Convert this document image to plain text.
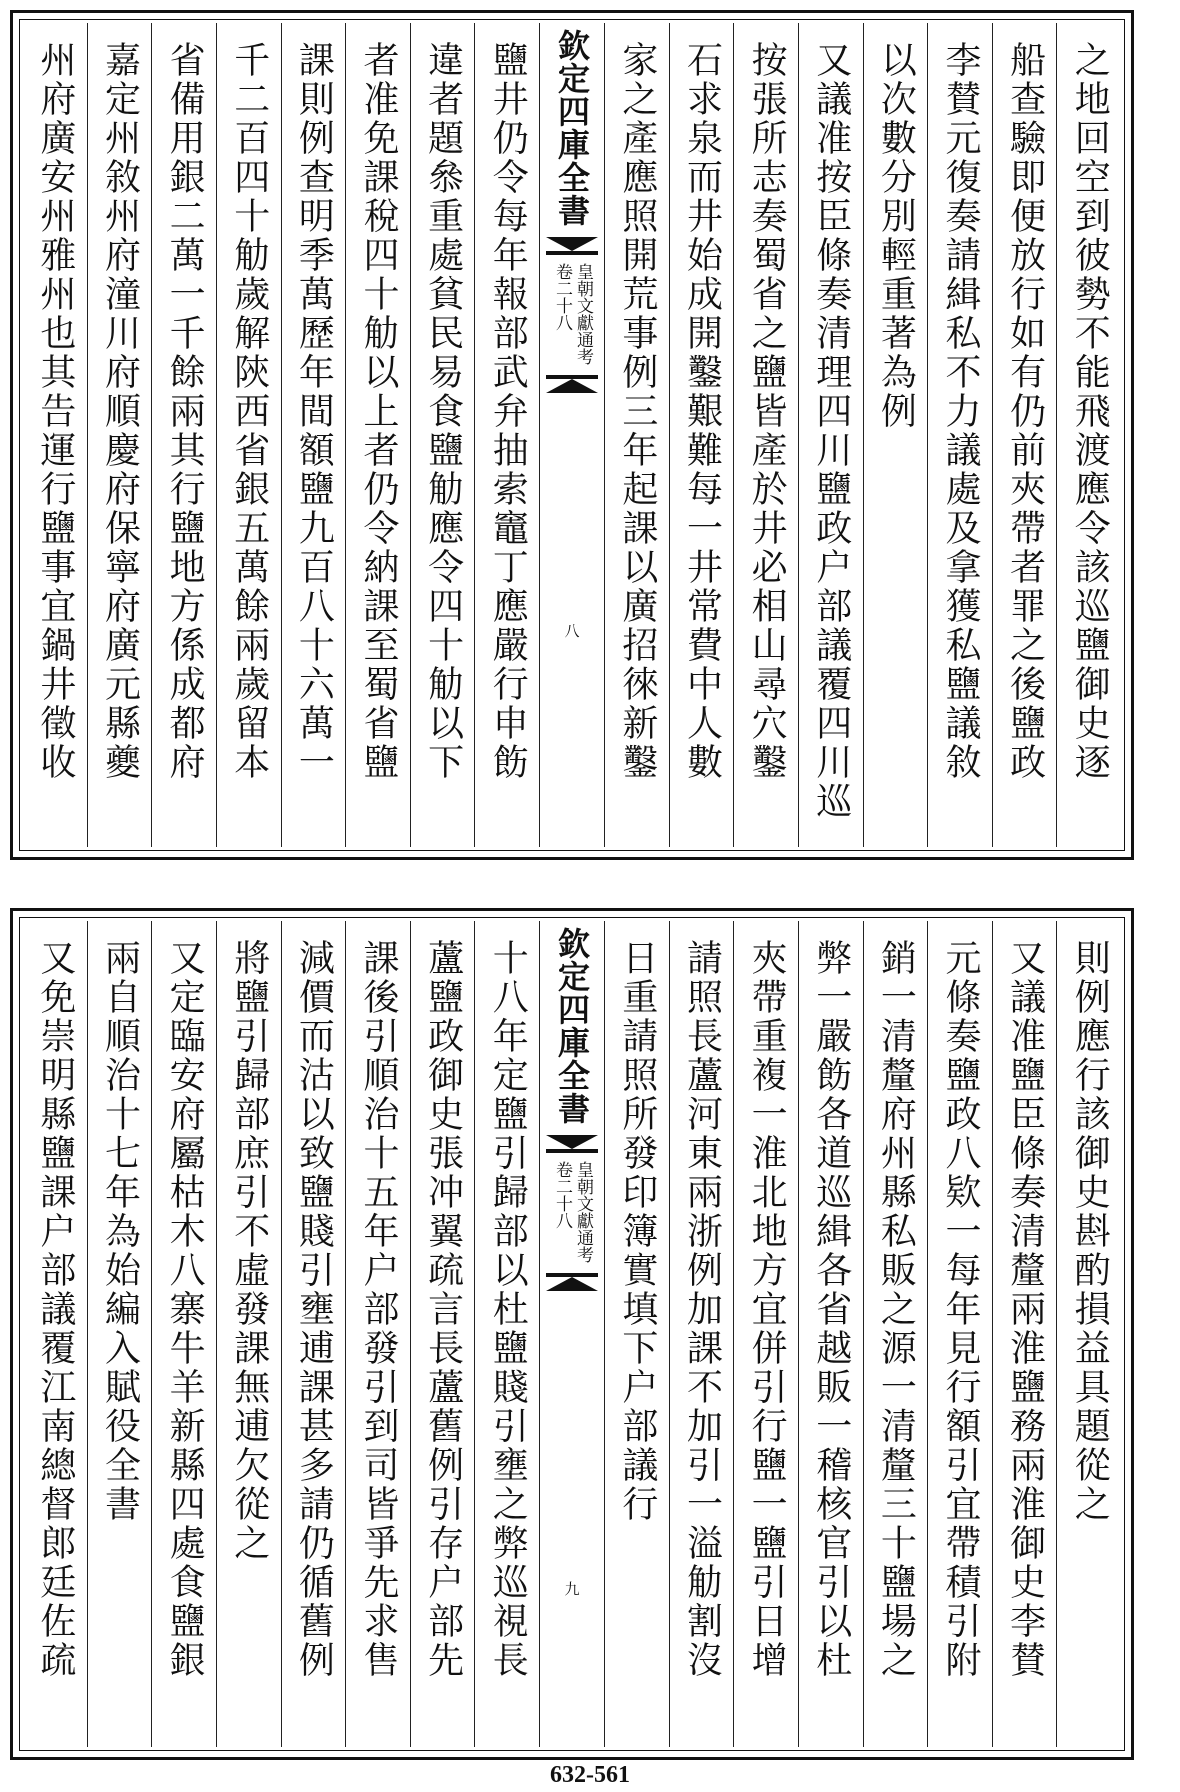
之地回空到彼勢不能飛渡應令該巡鹽御史逐
船查驗即便放行如有仍前夾帶者罪之後鹽政
李賛元復奏請緝私不力議處及拿獲私鹽議敘
以次數分別輕重著為例
又議准按臣條奏清理四川鹽政户部議覆四川巡
按張所志奏蜀省之鹽皆產於井必相山尋穴鑿
石求泉而井始成開鑿艱難每一井常費中人數
家之產應照開荒事例三年起課以廣招徠新鑿
欽定四庫全書
皇朝文獻通考
卷二十八
八
鹽井仍令每年報部武弁抽索竈丁應嚴行申飭
違者題叅重處貧民易食鹽觔應令四十觔以下
者准免課稅四十觔以上者仍令納課至蜀省鹽
課則例查明季萬歷年間額鹽九百八十六萬一
千二百四十觔歲解陝西省銀五萬餘兩歲留本
省備用銀二萬一千餘兩其行鹽地方係成都府
嘉定州敘州府潼川府順慶府保寧府廣元縣夔
州府廣安州雅州也其告運行鹽事宜鍋井徵收
則例應行該御史斟酌損益具題從之
又議准鹽臣條奏清釐兩淮鹽務兩淮御史李賛
元條奏鹽政八欵一每年見行額引宜帶積引附
銷一清釐府州縣私販之源一清釐三十鹽場之
弊一嚴飭各道巡緝各省越販一稽核官引以杜
夾帶重複一淮北地方宜併引行鹽一鹽引日增
請照長蘆河東兩浙例加課不加引一溢觔割沒
日重請照所發印簿實填下户部議行
欽定四庫全書
皇朝文獻通考
卷二十八
九
十八年定鹽引歸部以杜鹽賤引壅之弊巡視長
蘆鹽政御史張冲翼疏言長蘆舊例引存户部先
課後引順治十五年户部發引到司皆爭先求售
減價而沽以致鹽賤引壅逋課甚多請仍循舊例
將鹽引歸部庶引不虛發課無逋欠從之
又定臨安府屬枯木八寨牛羊新縣四處食鹽銀
兩自順治十七年為始編入賦役全書
又免崇明縣鹽課户部議覆江南總督郎廷佐疏
632-561
